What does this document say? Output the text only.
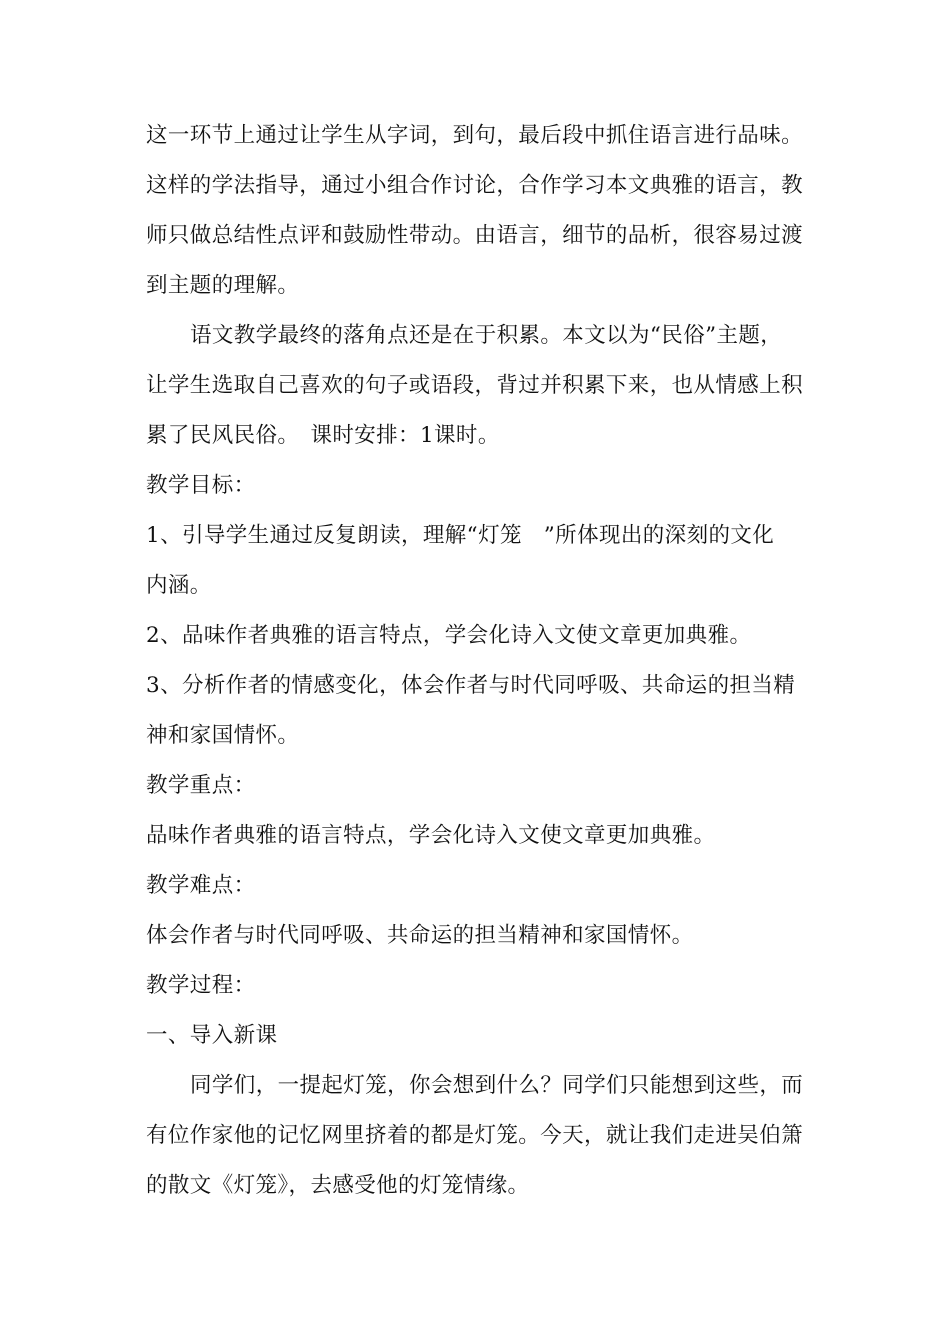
这一环节上通过让学生从字词，到句，最后段中抓住语言进行品味。
这样的学法指导，通过小组合作讨论，合作学习本文典雅的语言，教
师只做总结性点评和鼓励性带动。由语言，细节的品析，很容易过渡
到主题的理解。
语文教学最终的落角点还是在于积累。本文以为“民俗”主题，
让学生选取自己喜欢的句子或语段，背过并积累下来，也从情感上积
累了民风民俗。　课时安排：1课时。
教学目标：
1、引导学生通过反复朗读，理解“灯笼　”所体现出的深刻的文化
内涵。
2、品味作者典雅的语言特点，学会化诗入文使文章更加典雅。
3、分析作者的情感变化，体会作者与时代同呼吸、共命运的担当精
神和家国情怀。
教学重点：
品味作者典雅的语言特点，学会化诗入文使文章更加典雅。
教学难点：
体会作者与时代同呼吸、共命运的担当精神和家国情怀。
教学过程：
一、导入新课
同学们，一提起灯笼，你会想到什么？同学们只能想到这些，而
有位作家他的记忆网里挤着的都是灯笼。今天，就让我们走进吴伯箫
的散文《灯笼》，去感受他的灯笼情缘。
